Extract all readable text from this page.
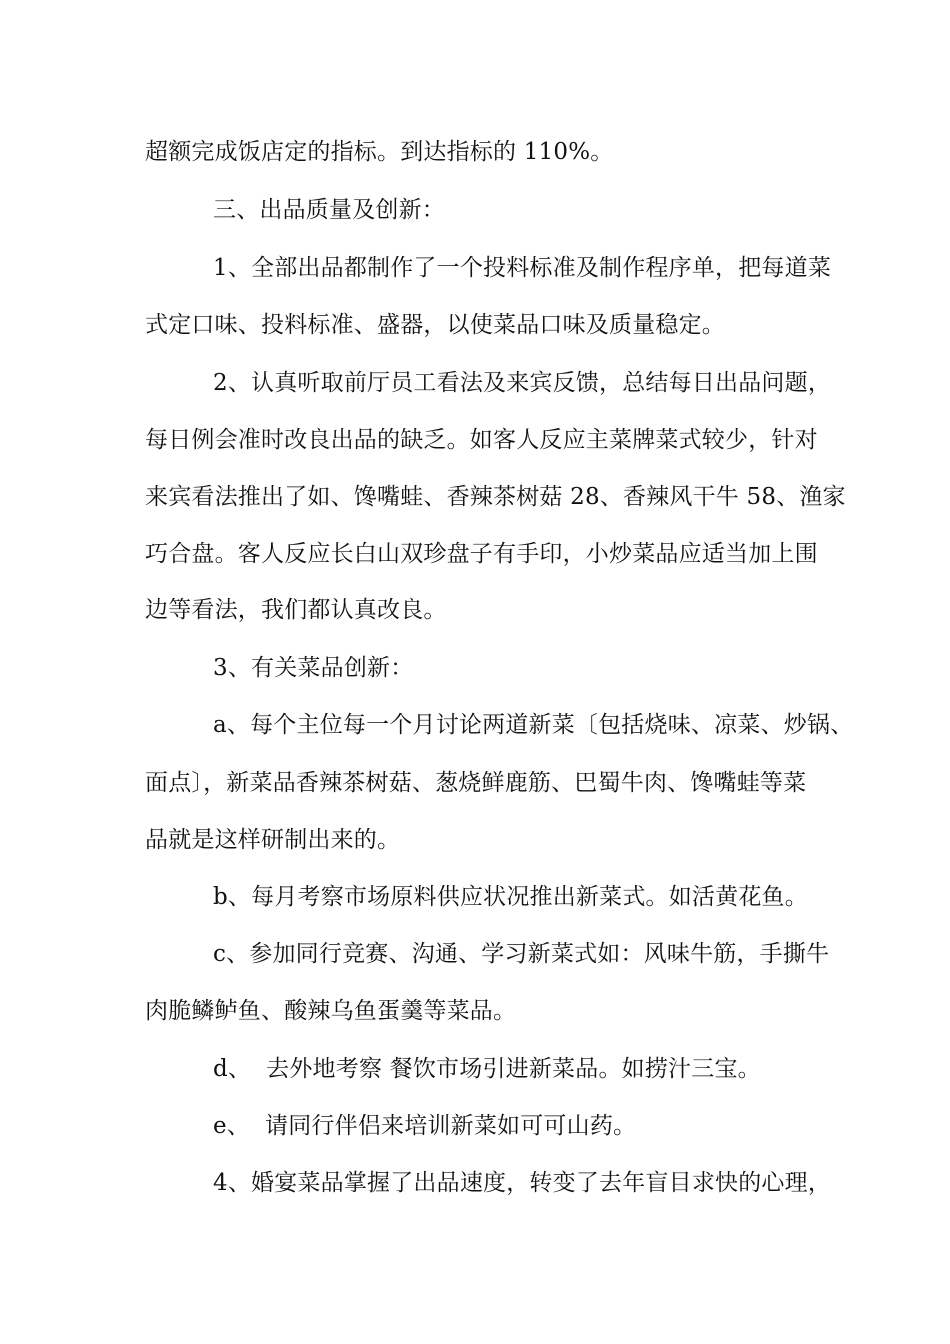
超额完成饭店定的指标。到达指标的 110%。
三、出品质量及创新：
1、全部出品都制作了一个投料标准及制作程序单，把每道菜
式定口味、投料标准、盛器，以使菜品口味及质量稳定。
2、认真听取前厅员工看法及来宾反馈，总结每日出品问题，
每日例会准时改良出品的缺乏。如客人反应主菜牌菜式较少，针对
来宾看法推出了如、馋嘴蛙、香辣茶树菇 28、香辣风干牛 58、渔家
巧合盘。客人反应长白山双珍盘子有手印，小炒菜品应适当加上围
边等看法，我们都认真改良。
3、有关菜品创新：
a、每个主位每一个月讨论两道新菜〔包括烧味、凉菜、炒锅、
面点〕，新菜品香辣茶树菇、葱烧鲜鹿筋、巴蜀牛肉、馋嘴蛙等菜
品就是这样研制出来的。
b、每月考察市场原料供应状况推出新菜式。如活黄花鱼。
c、参加同行竞赛、沟通、学习新菜式如：风味牛筋，手撕牛
肉脆鳞鲈鱼、酸辣乌鱼蛋羹等菜品。
d、  去外地考察 餐饮市场引进新菜品。如捞汁三宝。
e、  请同行伴侣来培训新菜如可可山药。
4、婚宴菜品掌握了出品速度，转变了去年盲目求快的心理，
